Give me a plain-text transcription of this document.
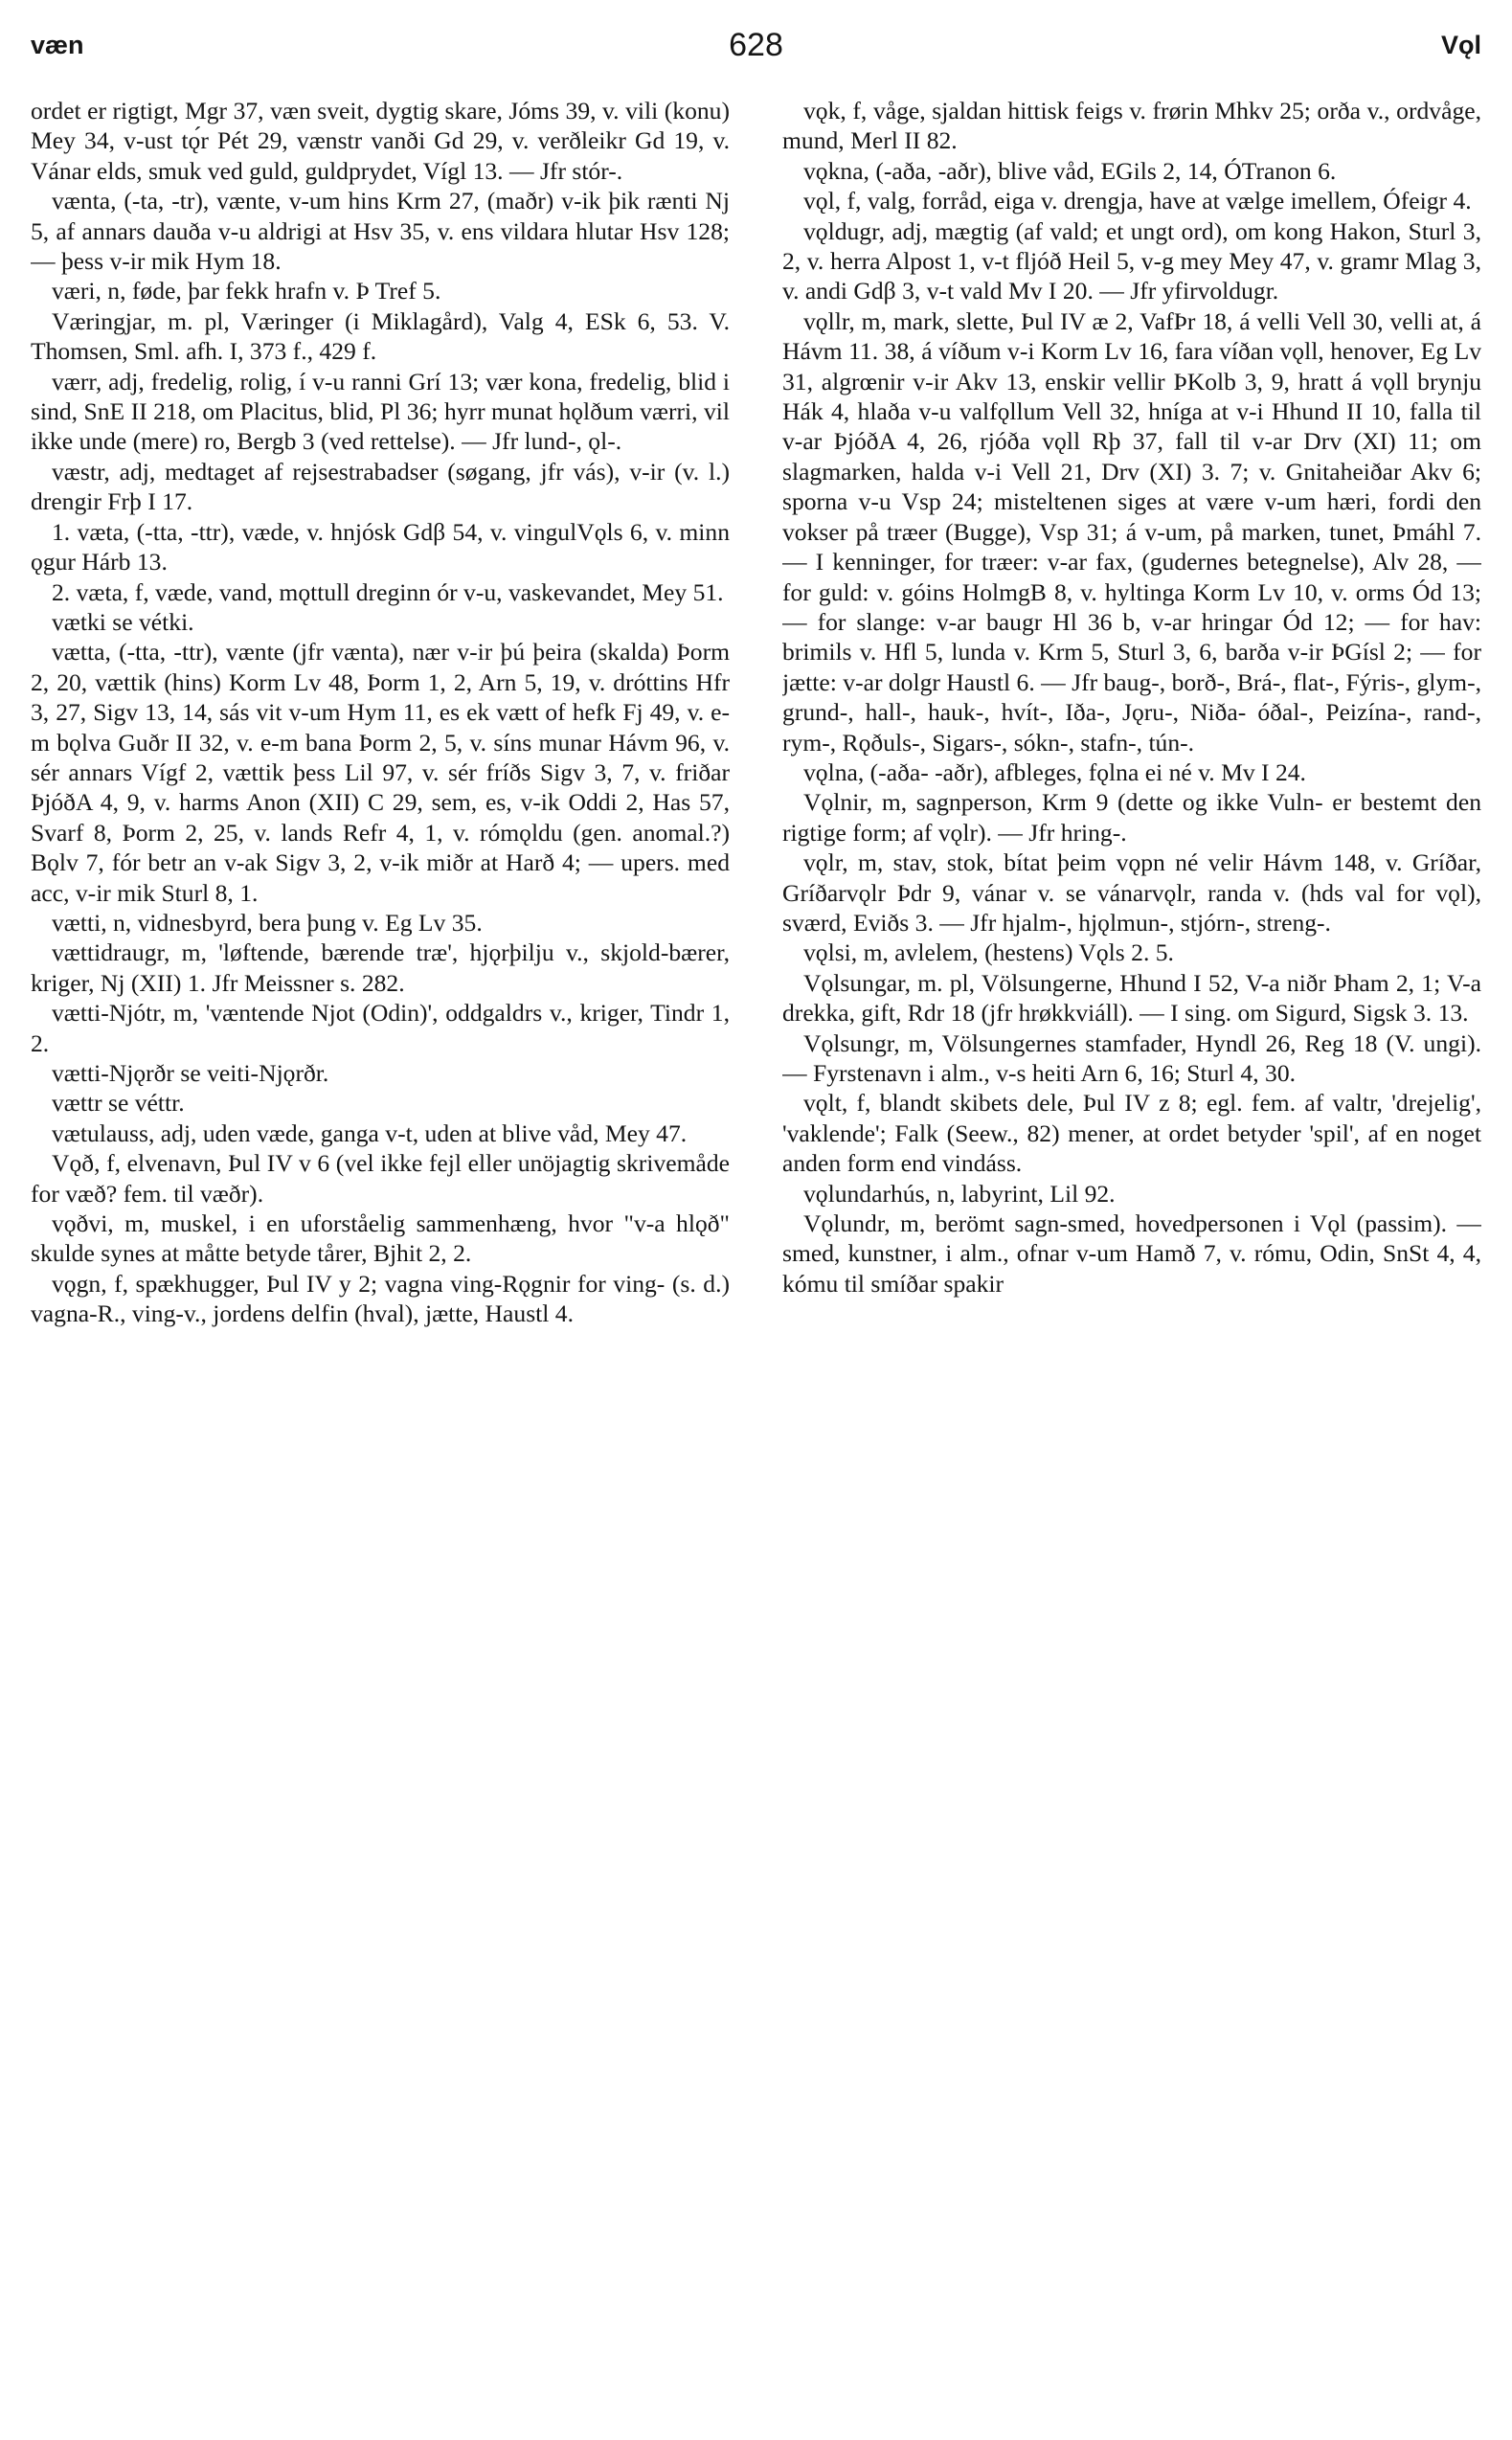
væn	628	Vǫl

ordet er rigtigt, Mgr 37, væn sveit, dygtig skare, Jóms 39, v. vili (konu) Mey 34, v-ust tǫ́r Pét 29, vænstr vanði Gd 29, v. verðleikr Gd 19, v. Vánar elds, smuk ved guld, guldprydet, Vígl 13. — Jfr stór-.

vænta, (-ta, -tr), vænte, v-um hins Krm 27, (maðr) v-ik þik rænti Nj 5, af annars dauða v-u aldrigi at Hsv 35, v. ens vildara hlutar Hsv 128; — þess v-ir mik Hym 18.

væri, n, føde, þar fekk hrafn v. Þ Tref 5.

Væringjar, m. pl, Væringer (i Miklagård), Valg 4, ESk 6, 53. V. Thomsen, Sml. afh. I, 373 f., 429 f.

værr, adj, fredelig, rolig, í v-u ranni Grí 13; vær kona, fredelig, blid i sind, SnE II 218, om Placitus, blid, Pl 36; hyrr munat hǫlðum værri, vil ikke unde (mere) ro, Bergb 3 (ved rettelse). — Jfr lund-, ǫl-.

væstr, adj, medtaget af rejsestrabadser (søgang, jfr vás), v-ir (v. l.) drengir Frþ I 17.

1. væta, (-tta, -ttr), væde, v. hnjósk Gdβ 54, v. vingulVǫls 6, v. minn ǫgur Hárb 13.

2. væta, f, væde, vand, mǫttull dreginn ór v-u, vaskevandet, Mey 51.

vætki se vétki.

vætta, (-tta, -ttr), vænte (jfr vænta), nær v-ir þú þeira (skalda) Þorm 2, 20, vættik (hins) Korm Lv 48, Þorm 1, 2, Arn 5, 19, v. dróttins Hfr 3, 27, Sigv 13, 14, sás vit v-um Hym 11, es ek vætt of hefk Fj 49, v. e-m bǫlva Guðr II 32, v. e-m bana Þorm 2, 5, v. síns munar Hávm 96, v. sér annars Vígf 2, vættik þess Lil 97, v. sér fríðs Sigv 3, 7, v. friðar ÞjóðA 4, 9, v. harms Anon (XII) C 29, sem, es, v-ik Oddi 2, Has 57, Svarf 8, Þorm 2, 25, v. lands Refr 4, 1, v. rómǫldu (gen. anomal.?) Bǫlv 7, fór betr an v-ak Sigv 3, 2, v-ik miðr at Harð 4; — upers. med acc, v-ir mik Sturl 8, 1.

vætti, n, vidnesbyrd, bera þung v. Eg Lv 35.

vættidraugr, m, 'løftende, bærende træ', hjǫrþilju v., skjold-bærer, kriger, Nj (XII) 1. Jfr Meissner s. 282.

vætti-Njótr, m, 'væntende Njot (Odin)', oddgaldrs v., kriger, Tindr 1, 2.

vætti-Njǫrðr se veiti-Njǫrðr.

vættr se véttr.

vætulauss, adj, uden væde, ganga v-t, uden at blive våd, Mey 47.

Vǫð, f, elvenavn, Þul IV v 6 (vel ikke fejl eller unöjagtig skrivemåde for væð? fem. til væðr).

vǫðvi, m, muskel, i en uforståelig sammenhæng, hvor "v-a hlǫð" skulde synes at måtte betyde tårer, Bjhit 2, 2.

vǫgn, f, spækhugger, Þul IV y 2; vagna ving-Rǫgnir for ving- (s. d.) vagna-R., ving-v., jordens delfin (hval), jætte, Haustl 4.

vǫk, f, våge, sjaldan hittisk feigs v. frørin Mhkv 25; orða v., ordvåge, mund, Merl II 82.

vǫkna, (-aða, -aðr), blive våd, EGils 2, 14, ÓTranon 6.

vǫl, f, valg, forråd, eiga v. drengja, have at vælge imellem, Ófeigr 4.

vǫldugr, adj, mægtig (af vald; et ungt ord), om kong Hakon, Sturl 3, 2, v. herra Alpost 1, v-t fljóð Heil 5, v-g mey Mey 47, v. gramr Mlag 3, v. andi Gdβ 3, v-t vald Mv I 20. — Jfr yfirvoldugr.

vǫllr, m, mark, slette, Þul IV æ 2, VafÞr 18, á velli Vell 30, velli at, á Hávm 11. 38, á víðum v-i Korm Lv 16, fara víðan vǫll, henover, Eg Lv 31, algrœnir v-ir Akv 13, enskir vellir ÞKolb 3, 9, hratt á vǫll brynju Hák 4, hlaða v-u valfǫllum Vell 32, hníga at v-i Hhund II 10, falla til v-ar ÞjóðA 4, 26, rjóða vǫll Rþ 37, fall til v-ar Drv (XI) 11; om slagmarken, halda v-i Vell 21, Drv (XI) 3. 7; v. Gnitaheiðar Akv 6; sporna v-u Vsp 24; misteltenen siges at være v-um hæri, fordi den vokser på træer (Bugge), Vsp 31; á v-um, på marken, tunet, Þmáhl 7. — I kenninger, for træer: v-ar fax, (gudernes betegnelse), Alv 28, — for guld: v. góins HolmgB 8, v. hyltinga Korm Lv 10, v. orms Ód 13; — for slange: v-ar baugr Hl 36 b, v-ar hringar Ód 12; — for hav: brimils v. Hfl 5, lunda v. Krm 5, Sturl 3, 6, barða v-ir ÞGísl 2; — for jætte: v-ar dolgr Haustl 6. — Jfr baug-, borð-, Brá-, flat-, Fýris-, glym-, grund-, hall-, hauk-, hvít-, Iða-, Jǫru-, Niða- óðal-, Peizína-, rand-, rym-, Rǫðuls-, Sigars-, sókn-, stafn-, tún-.

vǫlna, (-aða- -aðr), afbleges, fǫlna ei né v. Mv I 24.

Vǫlnir, m, sagnperson, Krm 9 (dette og ikke Vuln- er bestemt den rigtige form; af vǫlr). — Jfr hring-.

vǫlr, m, stav, stok, bítat þeim vǫpn né velir Hávm 148, v. Gríðar, Gríðarvǫlr Þdr 9, vánar v. se vánarvǫlr, randa v. (hds val for vǫl), sværd, Eviðs 3. — Jfr hjalm-, hjǫlmun-, stjórn-, streng-.

vǫlsi, m, avlelem, (hestens) Vǫls 2. 5.

Vǫlsungar, m. pl, Völsungerne, Hhund I 52, V-a niðr Þham 2, 1; V-a drekka, gift, Rdr 18 (jfr hrøkkviáll). — I sing. om Sigurd, Sigsk 3. 13.

Vǫlsungr, m, Völsungernes stamfader, Hyndl 26, Reg 18 (V. ungi). — Fyrstenavn i alm., v-s heiti Arn 6, 16; Sturl 4, 30.

vǫlt, f, blandt skibets dele, Þul IV z 8; egl. fem. af valtr, 'drejelig', 'vaklende'; Falk (Seew., 82) mener, at ordet betyder 'spil', af en noget anden form end vindáss.

vǫlundarhús, n, labyrint, Lil 92.

Vǫlundr, m, berömt sagn-smed, hovedpersonen i Vǫl (passim). — smed, kunstner, i alm., ofnar v-um Hamð 7, v. rómu, Odin, SnSt 4, 4, kómu til smíðar spakir
